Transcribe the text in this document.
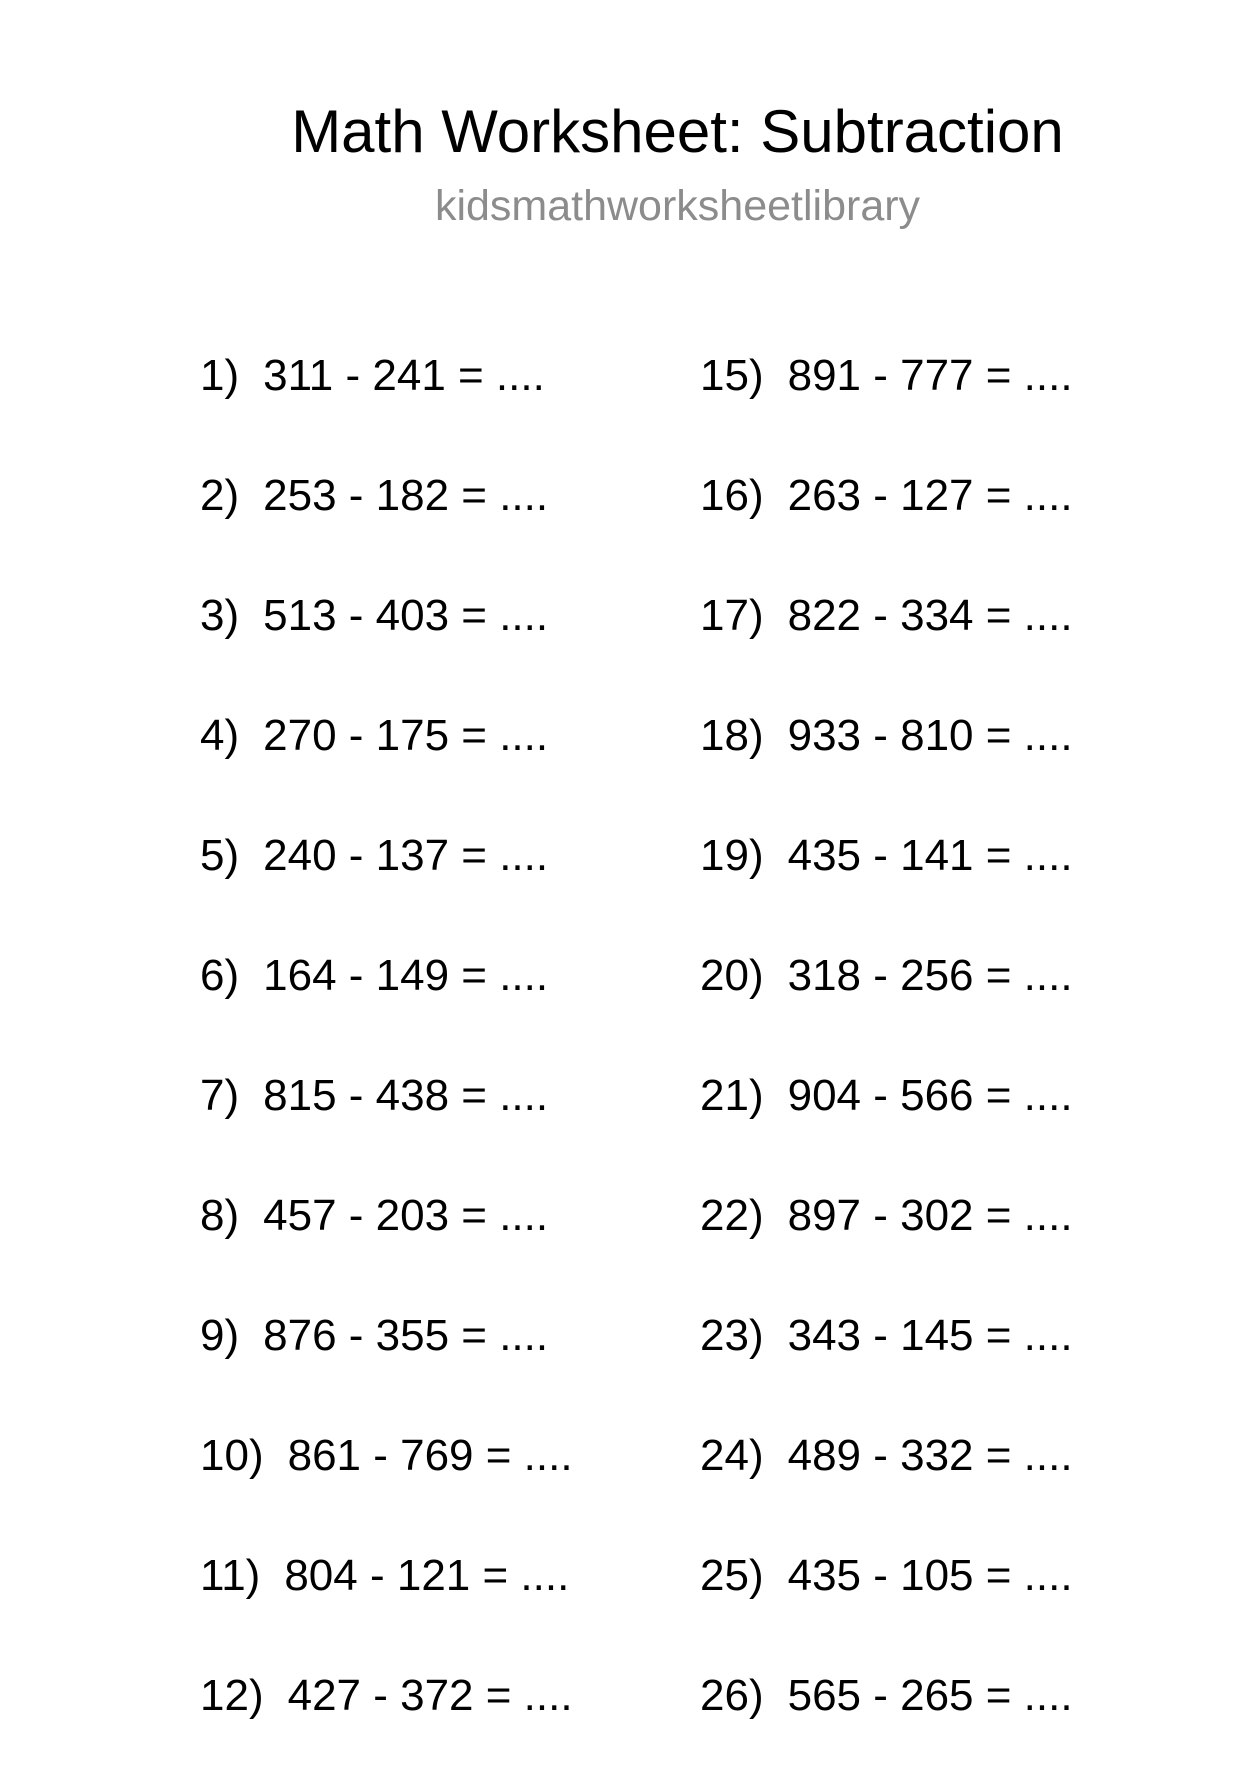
Math Worksheet: Subtraction
kidsmathworksheetlibrary
1) 311 - 241 = ....
2) 253 - 182 = ....
3) 513 - 403 = ....
4) 270 - 175 = ....
5) 240 - 137 = ....
6) 164 - 149 = ....
7) 815 - 438 = ....
8) 457 - 203 = ....
9) 876 - 355 = ....
10) 861 - 769 = ....
11) 804 - 121 = ....
12) 427 - 372 = ....
15) 891 - 777 = ....
16) 263 - 127 = ....
17) 822 - 334 = ....
18) 933 - 810 = ....
19) 435 - 141 = ....
20) 318 - 256 = ....
21) 904 - 566 = ....
22) 897 - 302 = ....
23) 343 - 145 = ....
24) 489 - 332 = ....
25) 435 - 105 = ....
26) 565 - 265 = ....
